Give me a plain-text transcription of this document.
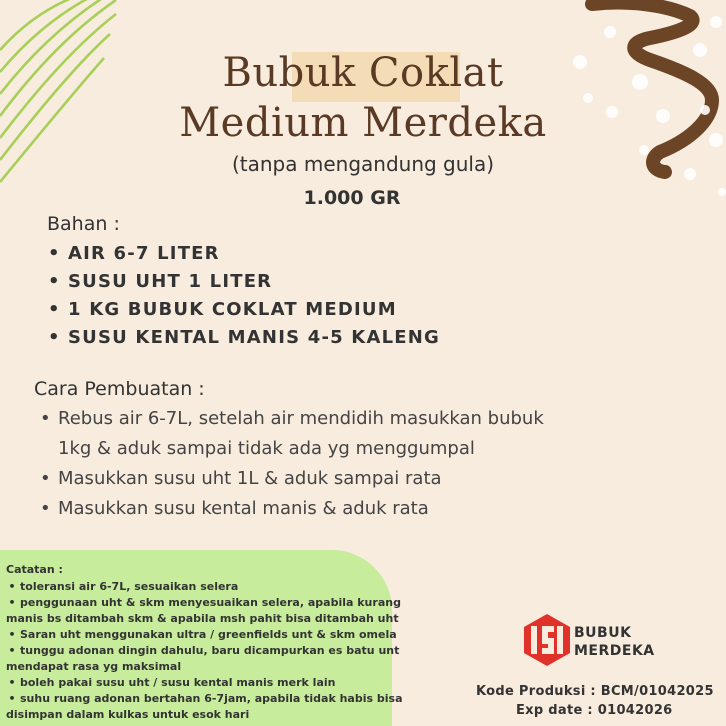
Bubuk Coklat
Medium Merdeka
(tanpa mengandung gula)
1.000 GR
Bahan :
• AIR 6-7 LITER
• SUSU UHT 1 LITER
• 1 KG BUBUK COKLAT MEDIUM
• SUSU KENTAL MANIS 4-5 KALENG
Cara Pembuatan :
• Rebus air 6-7L, setelah air mendidih masukkan bubuk
1kg & aduk sampai tidak ada yg menggumpal
• Masukkan susu uht 1L & aduk sampai rata
• Masukkan susu kental manis & aduk rata
Catatan :
• toleransi air 6-7L, sesuaikan selera
• penggunaan uht & skm menyesuaikan selera, apabila kurang
manis bs ditambah skm & apabila msh pahit bisa ditambah uht
• Saran uht menggunakan ultra / greenfields unt & skm omela
• tunggu adonan dingin dahulu, baru dicampurkan es batu unt
mendapat rasa yg maksimal
• boleh pakai susu uht / susu kental manis merk lain
• suhu ruang adonan bertahan 6-7jam, apabila tidak habis bisa
disimpan dalam kulkas untuk esok hari
BUBUK
MERDEKA
Kode Produksi : BCM/01042025
Exp date : 01042026
